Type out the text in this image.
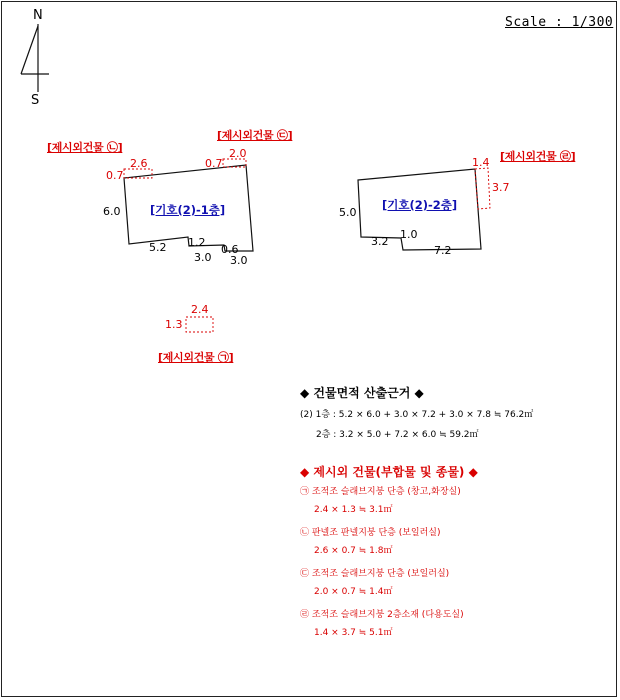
Scale : 1/300
N
S
[제시외건물 ㉡]
[제시외건물 ㉢]
[제시외건물 ㉣]
[제시외건물 ㉠]
[기호(2)-1층]	[기호(2)-2층]
6.0
5.2 1.2
3.0
0.6
3.0
2.6
0.7
2.0
0.7
5.0
3.2
1.0
7.2
1.4
3.7
2.4
1.3
◆ 건물면적 산출근거 ◆
(2) 1층 : 5.2 × 6.0 + 3.0 × 7.2 + 3.0 × 7.8 ≒ 76.2㎡
2층 : 3.2 × 5.0 + 7.2 × 6.0 ≒ 59.2㎡
◆ 제시외 건물(부합물 및 종물) ◆
㉠ 조적조 슬래브지붕 단층 (창고,화장실)
2.4 × 1.3 ≒ 3.1㎡
㉡ 판넬조 판넬지붕 단층 (보일러실)
2.6 × 0.7 ≒ 1.8㎡
㉢ 조적조 슬래브지붕 단층 (보일러실)
2.0 × 0.7 ≒ 1.4㎡
㉣ 조적조 슬래브지붕 2층소재 (다용도실)
1.4 × 3.7 ≒ 5.1㎡
